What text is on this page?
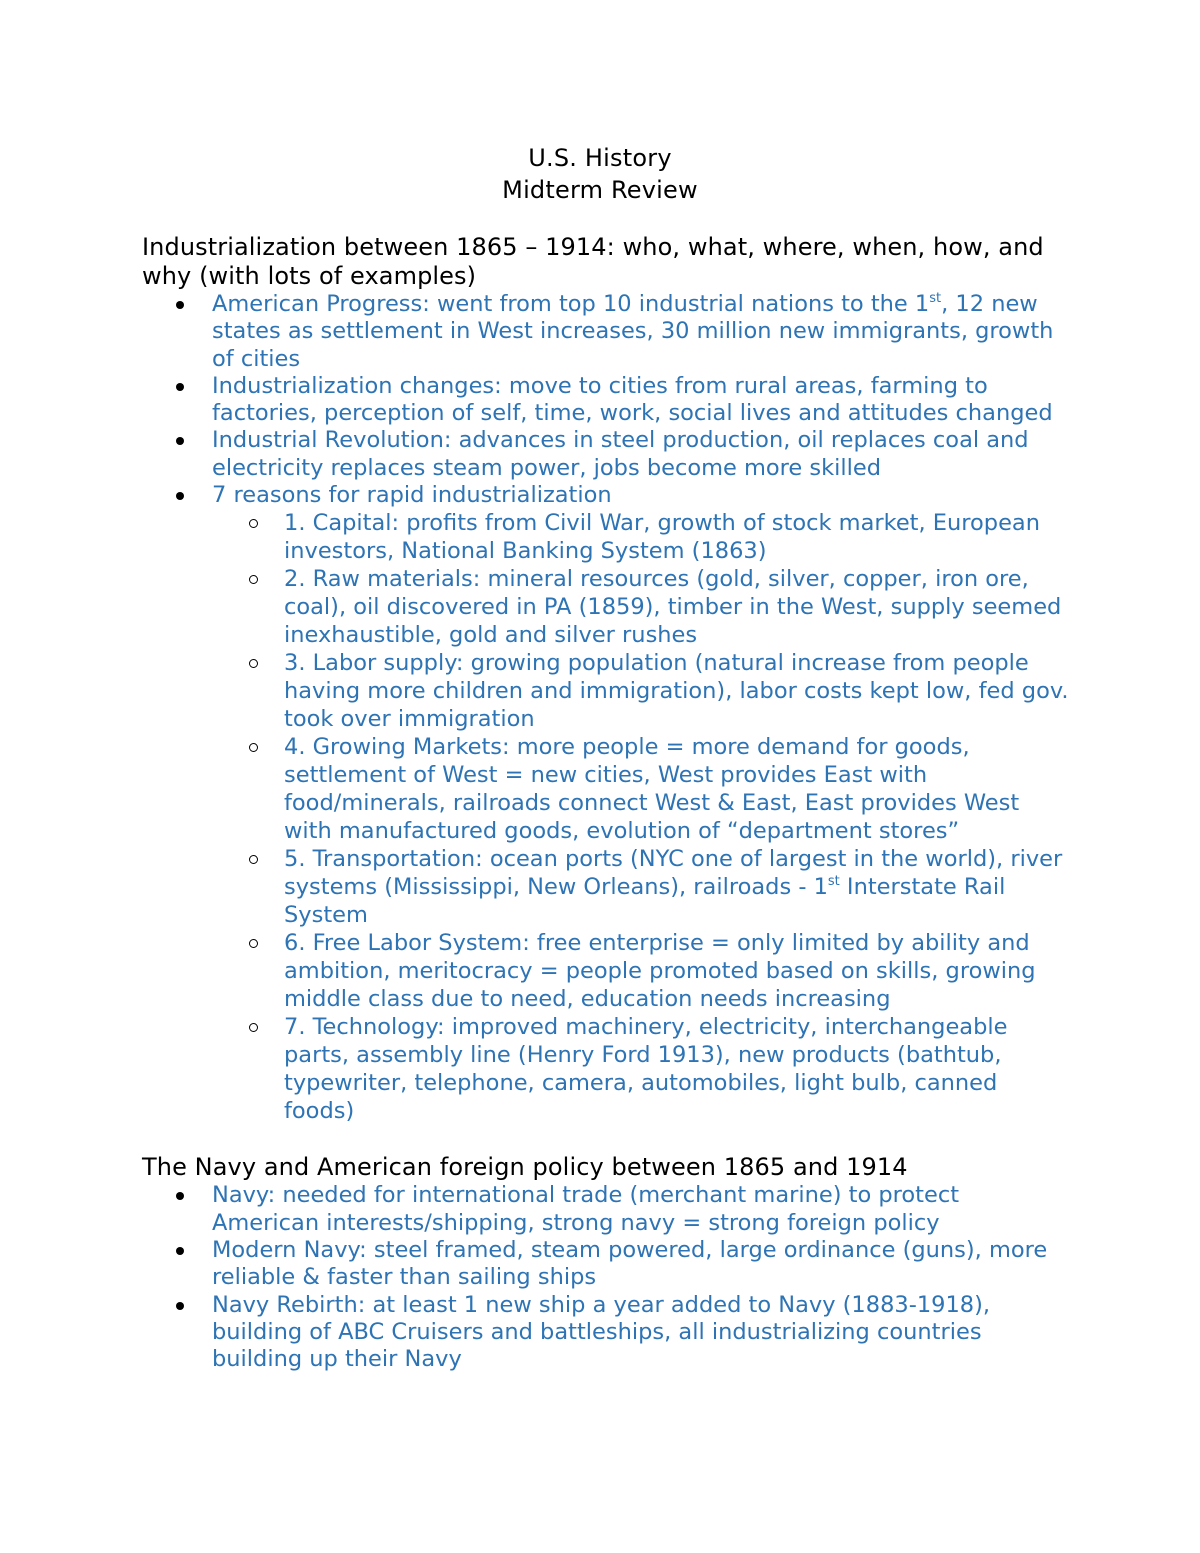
U.S. History
Midterm Review

Industrialization between 1865 – 1914: who, what, where, when, how, and why (with lots of examples)

American Progress: went from top 10 industrial nations to the 1st, 12 new states as settlement in West increases, 30 million new immigrants, growth of cities
Industrialization changes: move to cities from rural areas, farming to factories, perception of self, time, work, social lives and attitudes changed
Industrial Revolution: advances in steel production, oil replaces coal and electricity replaces steam power, jobs become more skilled
7 reasons for rapid industrialization
1. Capital: profits from Civil War, growth of stock market, European investors, National Banking System (1863)
2. Raw materials: mineral resources (gold, silver, copper, iron ore, coal), oil discovered in PA (1859), timber in the West, supply seemed inexhaustible, gold and silver rushes
3. Labor supply: growing population (natural increase from people having more children and immigration), labor costs kept low, fed gov. took over immigration
4. Growing Markets: more people = more demand for goods, settlement of West = new cities, West provides East with food/minerals, railroads connect West & East, East provides West with manufactured goods, evolution of “department stores”
5. Transportation: ocean ports (NYC one of largest in the world), river systems (Mississippi, New Orleans), railroads - 1st Interstate Rail System
6. Free Labor System: free enterprise = only limited by ability and ambition, meritocracy = people promoted based on skills, growing middle class due to need, education needs increasing
7. Technology: improved machinery, electricity, interchangeable parts, assembly line (Henry Ford 1913), new products (bathtub, typewriter, telephone, camera, automobiles, light bulb, canned foods)

The Navy and American foreign policy between 1865 and 1914

Navy: needed for international trade (merchant marine) to protect American interests/shipping, strong navy = strong foreign policy
Modern Navy: steel framed, steam powered, large ordinance (guns), more reliable & faster than sailing ships
Navy Rebirth: at least 1 new ship a year added to Navy (1883-1918), building of ABC Cruisers and battleships, all industrializing countries building up their Navy
